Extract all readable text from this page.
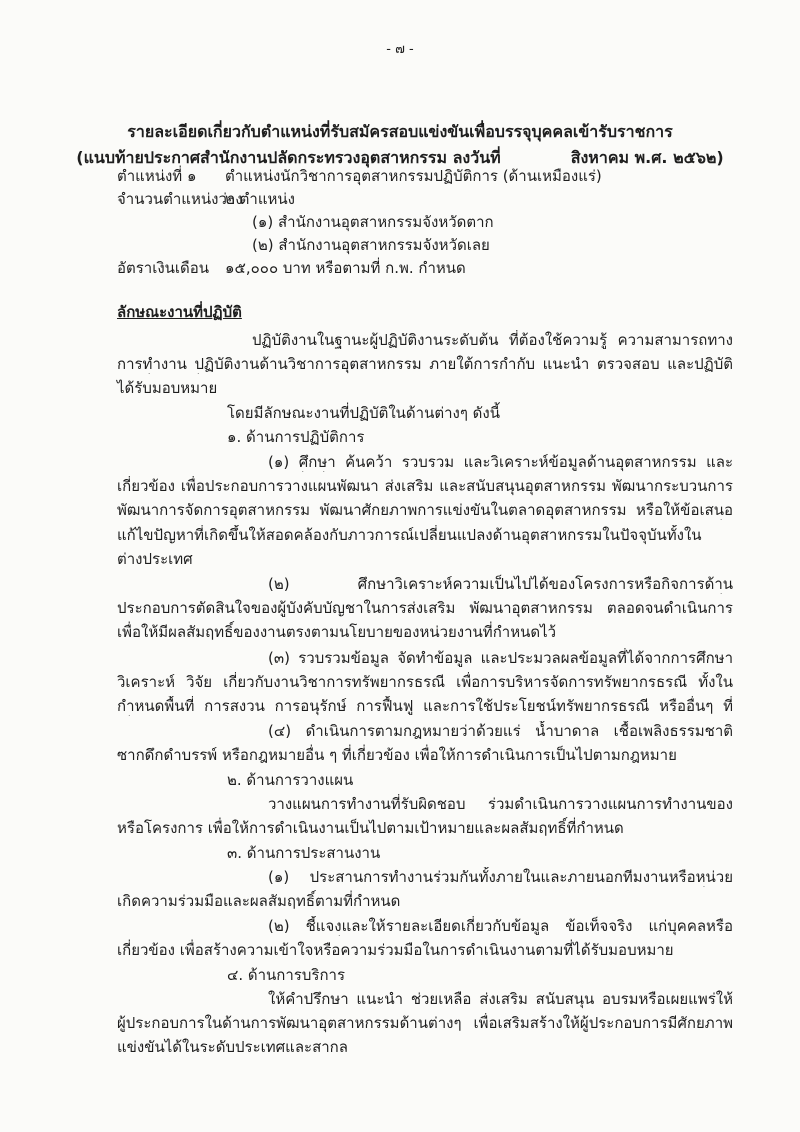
- ๗ -
รายละเอียดเกี่ยวกับตำแหน่งที่รับสมัครสอบแข่งขันเพื่อบรรจุบุคคลเข้ารับราชการ
(แนบท้ายประกาศสำนักงานปลัดกระทรวงอุตสาหกรรม ลงวันที่	สิงหาคม พ.ศ. ๒๕๖๒)
ตำแหน่งที่ ๑ ตำแหน่งนักวิชาการอุตสาหกรรมปฏิบัติการ (ด้านเหมืองแร่)
จำนวนตำแหน่งว่าง
๒ ตำแหน่ง
(๑) สำนักงานอุตสาหกรรมจังหวัดตาก
(๒) สำนักงานอุตสาหกรรมจังหวัดเลย
อัตราเงินเดือน ๑๕,๐๐๐ บาท หรือตามที่ ก.พ. กำหนด
ลักษณะงานที่ปฏิบัติ
ปฏิบัติงานในฐานะผู้ปฏิบัติงานระดับต้น ที่ต้องใช้ความรู้ ความสามารถทาง
การทำงาน ปฏิบัติงานด้านวิชาการอุตสาหกรรม ภายใต้การกำกับ แนะนำ ตรวจสอบ และปฏิบัติ
ได้รับมอบหมาย
โดยมีลักษณะงานที่ปฏิบัติในด้านต่างๆ ดังนี้
๑. ด้านการปฏิบัติการ
(๑) ศึกษา ค้นคว้า รวบรวม และวิเคราะห์ข้อมูลด้านอุตสาหกรรม และ
เกี่ยวข้อง เพื่อประกอบการวางแผนพัฒนา ส่งเสริม และสนับสนุนอุตสาหกรรม พัฒนากระบวนการ
พัฒนาการจัดการอุตสาหกรรม พัฒนาศักยภาพการแข่งขันในตลาดอุตสาหกรรม หรือให้ข้อเสนอ
แก้ไขปัญหาที่เกิดขึ้นให้สอดคล้องกับภาวการณ์เปลี่ยนแปลงด้านอุตสาหกรรมในปัจจุบันทั้งใน
ต่างประเทศ
(๒) ศึกษาวิเคราะห์ความเป็นไปได้ของโครงการหรือกิจการด้าน
ประกอบการตัดสินใจของผู้บังคับบัญชาในการส่งเสริม พัฒนาอุตสาหกรรม ตลอดจนดำเนินการ
เพื่อให้มีผลสัมฤทธิ์ของงานตรงตามนโยบายของหน่วยงานที่กำหนดไว้
(๓) รวบรวมข้อมูล จัดทำข้อมูล และประมวลผลข้อมูลที่ได้จากการศึกษา
วิเคราะห์ วิจัย เกี่ยวกับงานวิชาการทรัพยากรธรณี เพื่อการบริหารจัดการทรัพยากรธรณี ทั้งใน
กำหนดพื้นที่ การสงวน การอนุรักษ์ การฟื้นฟู และการใช้ประโยชน์ทรัพยากรธรณี หรืออื่นๆ ที่
(๔) ดำเนินการตามกฎหมายว่าด้วยแร่ น้ำบาดาล เชื้อเพลิงธรรมชาติ
ซากดึกดำบรรพ์ หรือกฎหมายอื่น ๆ ที่เกี่ยวข้อง เพื่อให้การดำเนินการเป็นไปตามกฎหมาย
๒. ด้านการวางแผน
วางแผนการทำงานที่รับผิดชอบ ร่วมดำเนินการวางแผนการทำงานของ
หรือโครงการ เพื่อให้การดำเนินงานเป็นไปตามเป้าหมายและผลสัมฤทธิ์ที่กำหนด
๓. ด้านการประสานงาน
(๑) ประสานการทำงานร่วมกันทั้งภายในและภายนอกทีมงานหรือหน่วย
เกิดความร่วมมือและผลสัมฤทธิ์ตามที่กำหนด
(๒) ชี้แจงและให้รายละเอียดเกี่ยวกับข้อมูล ข้อเท็จจริง แก่บุคคลหรือ
เกี่ยวข้อง เพื่อสร้างความเข้าใจหรือความร่วมมือในการดำเนินงานตามที่ได้รับมอบหมาย
๔. ด้านการบริการ
ให้คำปรึกษา แนะนำ ช่วยเหลือ ส่งเสริม สนับสนุน อบรมหรือเผยแพร่ให้
ผู้ประกอบการในด้านการพัฒนาอุตสาหกรรมด้านต่างๆ เพื่อเสริมสร้างให้ผู้ประกอบการมีศักยภาพ
แข่งขันได้ในระดับประเทศและสากล
